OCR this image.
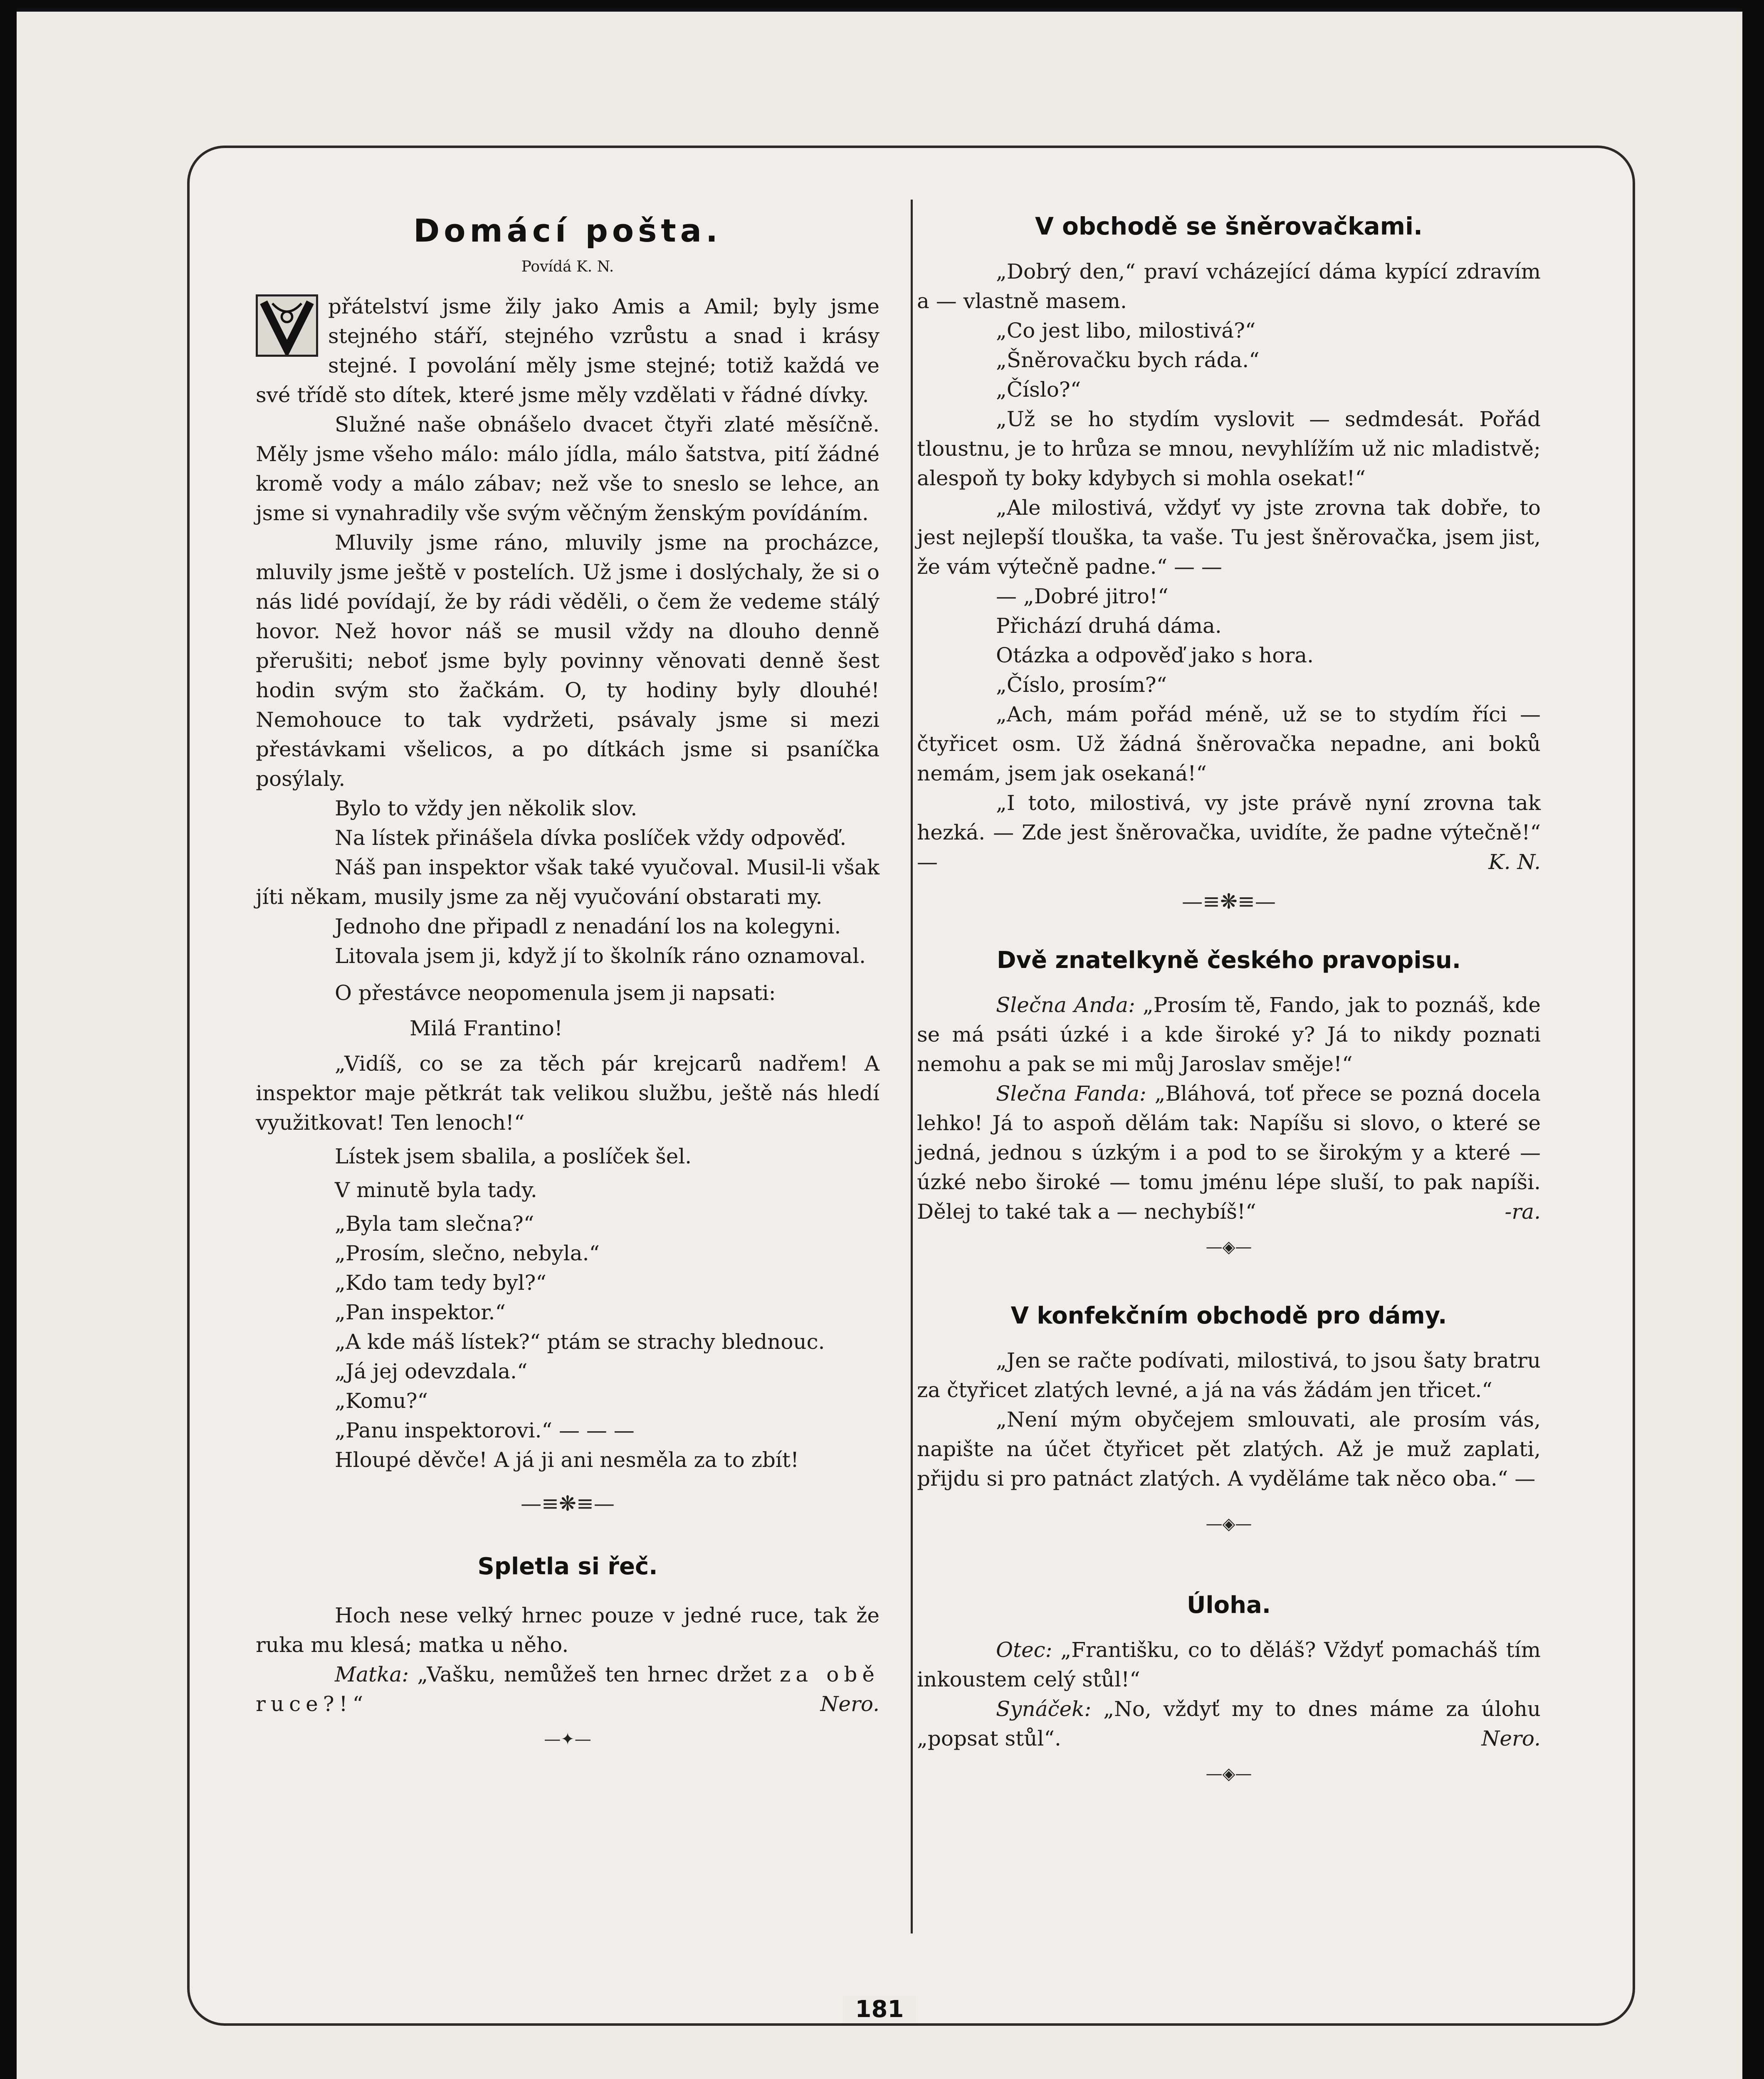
Domácí pošta.
Povídá K. N.

V	přátelství jsme žily jako Amis a Amil; byly jsme stejného stáří, stejného vzrůstu a snad i krásy stejné. I povolání měly jsme stejné; totiž každá ve své třídě sto dítek, které jsme měly vzdělati v řádné dívky.

Služné naše obnášelo dvacet čtyři zlaté měsíčně. Měly jsme všeho málo: málo jídla, málo šatstva, pití žádné kromě vody a málo zábav; než vše to sneslo se lehce, an jsme si vynahradily vše svým věčným ženským povídáním.

Mluvily jsme ráno, mluvily jsme na procházce, mluvily jsme ještě v postelích. Už jsme i doslýchaly, že si o nás lidé povídají, že by rádi věděli, o čem že vedeme stálý hovor. Než hovor náš se musil vždy na dlouho denně přerušiti; neboť jsme byly povinny věnovati denně šest hodin svým sto žačkám. O, ty hodiny byly dlouhé! Nemohouce to tak vydržeti, psávaly jsme si mezi přestávkami všelicos, a po dítkách jsme si psaníčka posýlaly.

Bylo to vždy jen několik slov.

Na lístek přinášela dívka poslíček vždy odpověď.

Náš pan inspektor však také vyučoval. Musil-li však jíti někam, musily jsme za něj vyučování obstarati my.

Jednoho dne připadl z nenadání los na kolegyni.

Litovala jsem ji, když jí to školník ráno oznamoval.

O přestávce neopomenula jsem ji napsati:

Milá Frantino!

„Vidíš, co se za těch pár krejcarů nadřem! A inspektor maje pětkrát tak velikou službu, ještě nás hledí využitkovat! Ten lenoch!“

Lístek jsem sbalila, a poslíček šel.

V minutě byla tady.

„Byla tam slečna?“

„Prosím, slečno, nebyla.“

„Kdo tam tedy byl?“

„Pan inspektor.“

„A kde máš lístek?“ ptám se strachy blednouc.

„Já jej odevzdala.“

„Komu?“

„Panu inspektorovi.“ — — —

Hloupé děvče! A já ji ani nesměla za to zbít!

—≡❋≡—
Spletla si řeč.

Hoch nese velký hrnec pouze v jedné ruce, tak že ruka mu klesá; matka u něho.

Matka: „Vašku, nemůžeš ten hrnec držet za obě ruce?!“	Nero.

—✦—
V obchodě se šněrovačkami.

„Dobrý den,“ praví vcházející dáma kypící zdravím a — vlastně masem.

„Co jest libo, milostivá?“

„Šněrovačku bych ráda.“

„Číslo?“

„Už se ho stydím vyslovit — sedmdesát. Pořád tloustnu, je to hrůza se mnou, nevyhlížím už nic mladistvě; alespoň ty boky kdybych si mohla osekat!“

„Ale milostivá, vždyť vy jste zrovna tak dobře, to jest nejlepší tlouška, ta vaše. Tu jest šněrovačka, jsem jist, že vám výtečně padne.“ — —

— „Dobré jitro!“

Přichází druhá dáma.

Otázka a odpověď jako s hora.

„Číslo, prosím?“

„Ach, mám pořád méně, už se to stydím říci — čtyřicet osm. Už žádná šněrovačka nepadne, ani boků nemám, jsem jak osekaná!“

„I toto, milostivá, vy jste právě nyní zrovna tak hezká. — Zde jest šněrovačka, uvidíte, že padne výtečně!“ —	K. N.

—≡❋≡—
Dvě znatelkyně českého pravopisu.

Slečna Anda: „Prosím tě, Fando, jak to poznáš, kde se má psáti úzké i a kde široké y? Já to nikdy poznati nemohu a pak se mi můj Jaroslav směje!“

Slečna Fanda: „Bláhová, toť přece se pozná docela lehko! Já to aspoň dělám tak: Napíšu si slovo, o které se jedná, jednou s úzkým i a pod to se širokým y a které — úzké nebo široké — tomu jménu lépe sluší, to pak napíši. Dělej to také tak a — nechybíš!“	-ra.

—◈—
V konfekčním obchodě pro dámy.

„Jen se račte podívati, milostivá, to jsou šaty bratru za čtyřicet zlatých levné, a já na vás žádám jen třicet.“

„Není mým obyčejem smlouvati, ale prosím vás, napište na účet čtyřicet pět zlatých. Až je muž zaplati, přijdu si pro patnáct zlatých. A vyděláme tak něco oba.“ —

—◈—
Úloha.

Otec: „Františku, co to děláš? Vždyť pomacháš tím inkoustem celý stůl!“

Synáček: „No, vždyť my to dnes máme za úlohu „popsat stůl“.	Nero.

—◈—
181
